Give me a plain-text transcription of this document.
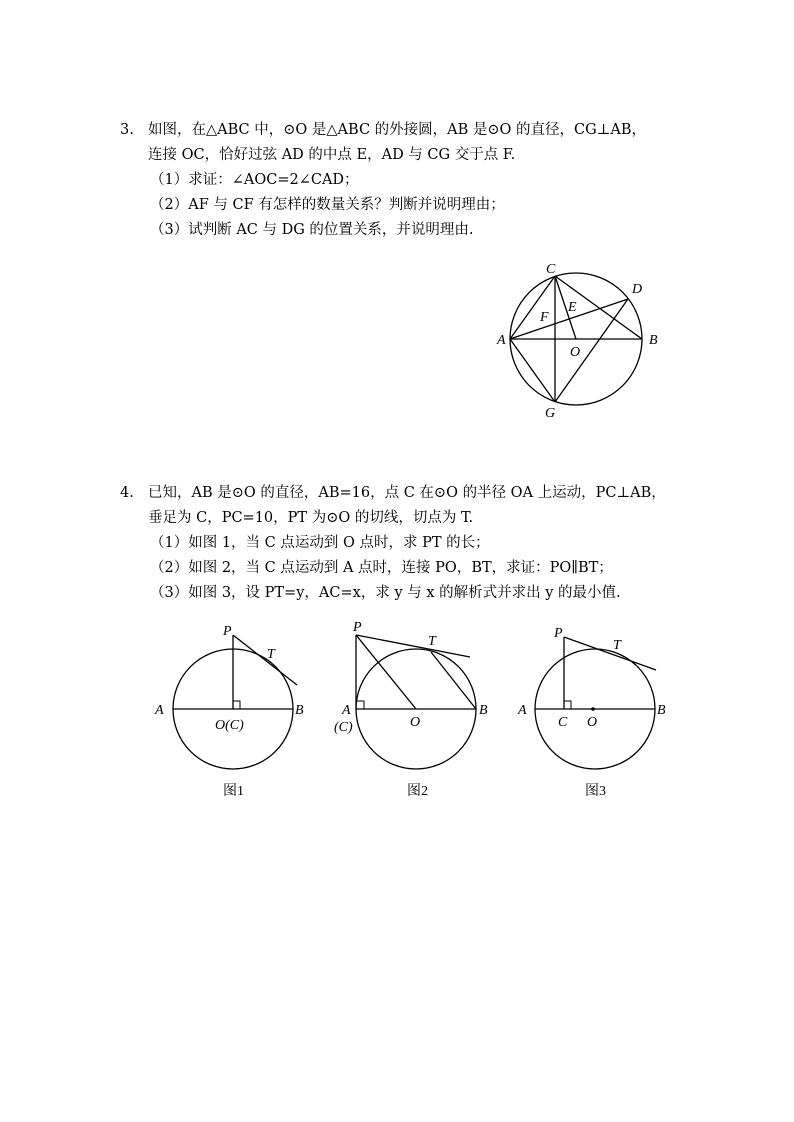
3. 如图，在△ABC 中，⊙O 是△ABC 的外接圆，AB 是⊙O 的直径，CG⊥AB，
连接 OC，恰好过弦 AD 的中点 E，AD 与 CG 交于点 F.
（1）求证：∠AOC=2∠CAD；
（2）AF 与 CF 有怎样的数量关系？判断并说明理由；
（3）试判断 AC 与 DG 的位置关系，并说明理由.
C
D
E
F
A
O
B
G
4. 已知，AB 是⊙O 的直径，AB=16，点 C 在⊙O 的半径 OA 上运动，PC⊥AB，
垂足为 C，PC=10，PT 为⊙O 的切线，切点为 T.
（1）如图 1，当 C 点运动到 O 点时，求 PT 的长；
（2）如图 2，当 C 点运动到 A 点时，连接 PO，BT，求证：PO∥BT；
（3）如图 3，设 PT=y，AC=x，求 y 与 x 的解析式并求出 y 的最小值.
P
T
A	B
O(C)
图1
P
T
A
(C)	O
B
图2
P
T
A
C O
B
图3
